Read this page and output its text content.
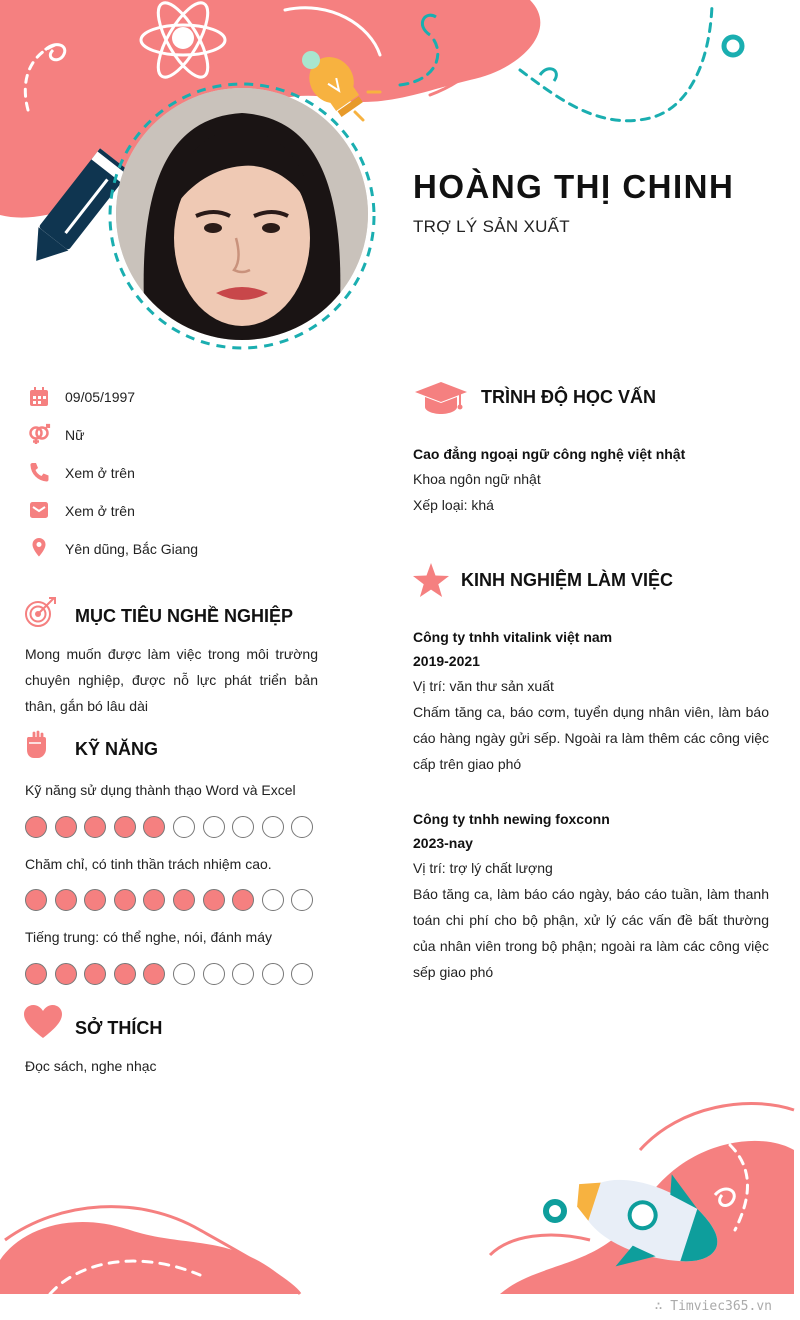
HOÀNG THỊ CHINH
TRỢ LÝ SẢN XUẤT
09/05/1997
Nữ
Xem ở trên
Xem ở trên
Yên dũng, Bắc Giang
MỤC TIÊU NGHỀ NGHIỆP
Mong muốn được làm việc trong môi trường chuyên nghiệp, được nỗ lực phát triển bản thân, gắn bó lâu dài
KỸ NĂNG
Kỹ năng sử dụng thành thạo Word và Excel
Chăm chỉ, có tinh thần trách nhiệm cao.
Tiếng trung: có thể nghe, nói, đánh máy
SỞ THÍCH
Đọc sách, nghe nhạc
TRÌNH ĐỘ HỌC VẤN
Cao đẳng ngoại ngữ công nghệ việt nhật
Khoa ngôn ngữ nhật
Xếp loại: khá
KINH NGHIỆM LÀM VIỆC
Công ty tnhh vitalink việt nam
2019-2021
Vị trí: văn thư sản xuất
Chấm tăng ca, báo cơm, tuyển dụng nhân viên, làm báo cáo hàng ngày gửi sếp. Ngoài ra làm thêm các công việc cấp trên giao phó
Công ty tnhh newing foxconn
2023-nay
Vị trí: trợ lý chất lượng
Báo tăng ca, làm báo cáo ngày, báo cáo tuần, làm thanh toán chi phí cho bộ phận, xử lý các vấn đề bất thường của nhân viên trong bộ phận; ngoài ra làm các công việc sếp giao phó
∴ Timviec365.vn
